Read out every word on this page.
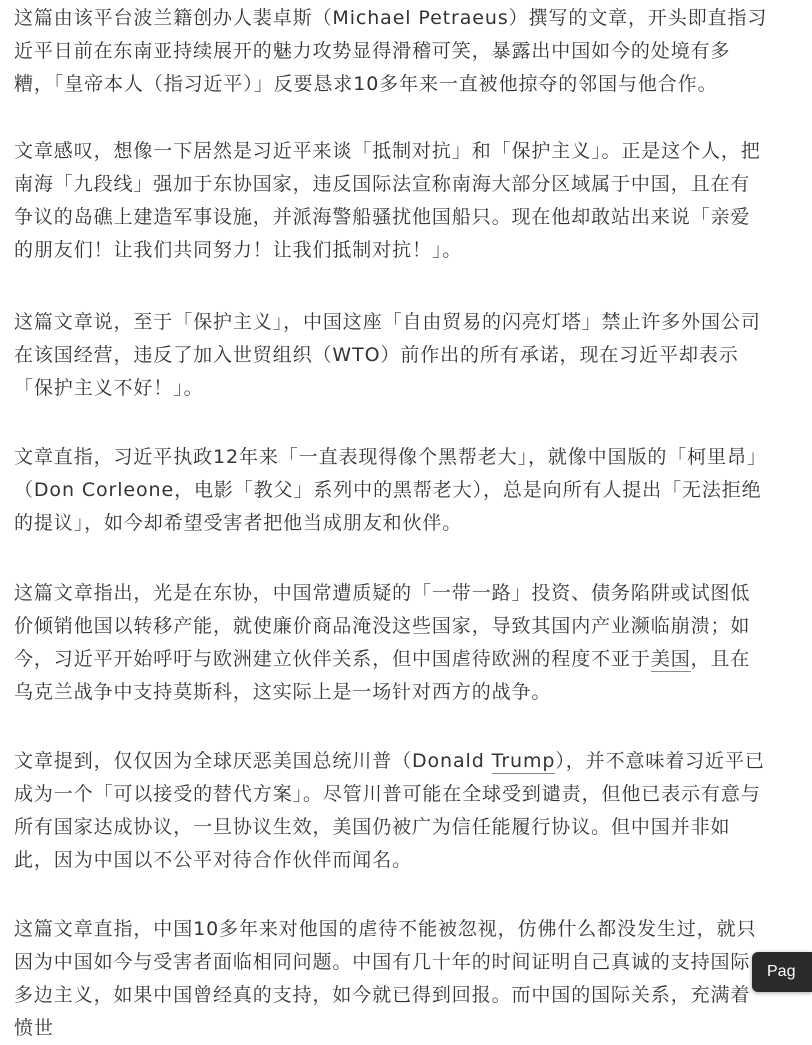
这篇由该平台波兰籍创办人裴卓斯（Michael Petraeus）撰写的文章，开头即直指习近平日前在东南亚持续展开的魅力攻势显得滑稽可笑，暴露出中国如今的处境有多糟，「皇帝本人（指习近平）」反要恳求10多年来一直被他掠夺的邻国与他合作。

文章感叹，想像一下居然是习近平来谈「抵制对抗」和「保护主义」。正是这个人，把南海「九段线」强加于东协国家，违反国际法宣称南海大部分区域属于中国，且在有争议的岛礁上建造军事设施，并派海警船骚扰他国船只。现在他却敢站出来说「亲爱的朋友们！让我们共同努力！让我们抵制对抗！」。

这篇文章说，至于「保护主义」，中国这座「自由贸易的闪亮灯塔」禁止许多外国公司在该国经营，违反了加入世贸组织（WTO）前作出的所有承诺，现在习近平却表示「保护主义不好！」。

文章直指，习近平执政12年来「一直表现得像个黑帮老大」，就像中国版的「柯里昂」（Don Corleone，电影「教父」系列中的黑帮老大），总是向所有人提出「无法拒绝的提议」，如今却希望受害者把他当成朋友和伙伴。

这篇文章指出，光是在东协，中国常遭质疑的「一带一路」投资、债务陷阱或试图低价倾销他国以转移产能，就使廉价商品淹没这些国家，导致其国内产业濒临崩溃；如今，习近平开始呼吁与欧洲建立伙伴关系，但中国虐待欧洲的程度不亚于美国，且在乌克兰战争中支持莫斯科，这实际上是一场针对西方的战争。

文章提到，仅仅因为全球厌恶美国总统川普（Donald Trump），并不意味着习近平已成为一个「可以接受的替代方案」。尽管川普可能在全球受到谴责，但他已表示有意与所有国家达成协议，一旦协议生效，美国仍被广为信任能履行协议。但中国并非如此，因为中国以不公平对待合作伙伴而闻名。

这篇文章直指，中国10多年来对他国的虐待不能被忽视，仿佛什么都没发生过，就只因为中国如今与受害者面临相同问题。中国有几十年的时间证明自己真诚的支持国际多边主义，如果中国曾经真的支持，如今就已得到回报。而中国的国际关系，充满着愤世

Pag
